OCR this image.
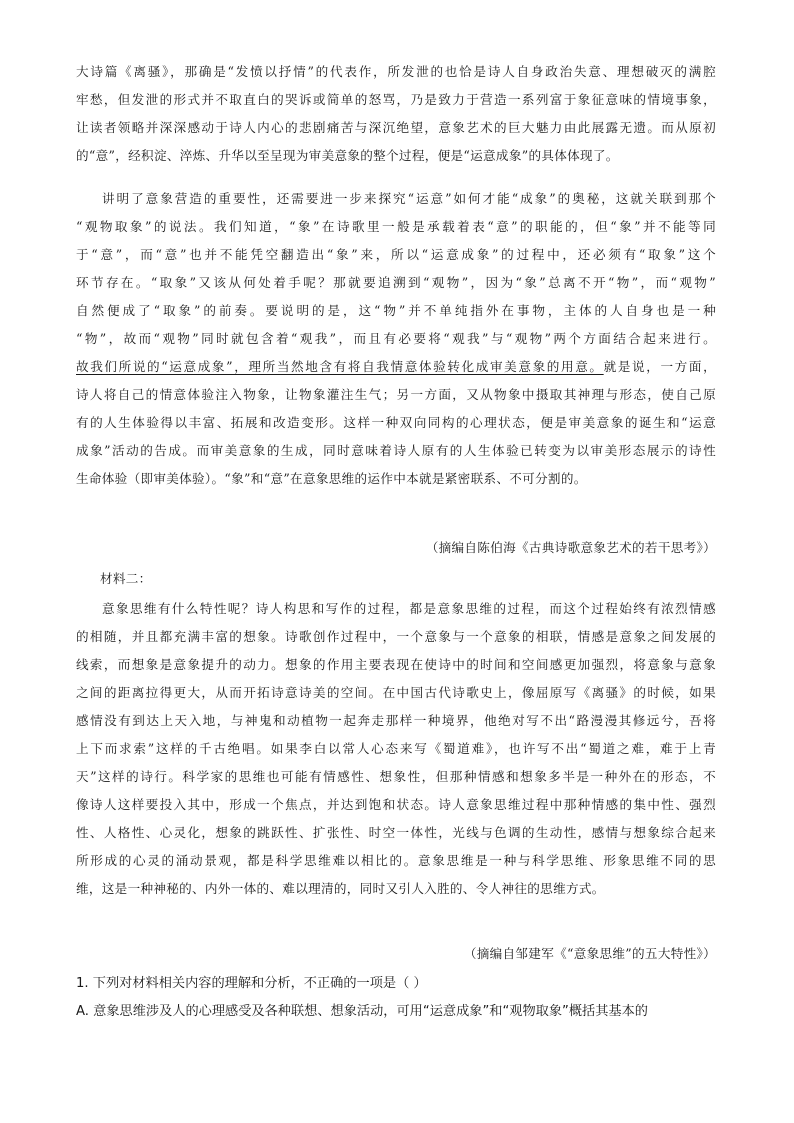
大诗篇《离骚》，那确是“发愤以抒情”的代表作，所发泄的也恰是诗人自身政治失意、理想破灭的满腔
牢愁，但发泄的形式并不取直白的哭诉或简单的怒骂，乃是致力于营造一系列富于象征意味的情境事象，
让读者领略并深深感动于诗人内心的悲剧痛苦与深沉绝望，意象艺术的巨大魅力由此展露无遗。而从原初
的“意”，经积淀、淬炼、升华以至呈现为审美意象的整个过程，便是“运意成象”的具体体现了。
讲明了意象营造的重要性，还需要进一步来探究“运意”如何才能“成象”的奥秘，这就关联到那个
“观物取象”的说法。我们知道，“象”在诗歌里一般是承载着表“意”的职能的，但“象”并不能等同
于“意”，而“意”也并不能凭空翻造出“象”来，所以“运意成象”的过程中，还必须有“取象”这个
环节存在。“取象”又该从何处着手呢？那就要追溯到“观物”，因为“象”总离不开“物”，而“观物”
自然便成了“取象”的前奏。要说明的是，这“物”并不单纯指外在事物，主体的人自身也是一种
“物”，故而“观物”同时就包含着“观我”，而且有必要将“观我”与“观物”两个方面结合起来进行。
故我们所说的“运意成象”，理所当然地含有将自我情意体验转化成审美意象的用意。就是说，一方面，
诗人将自己的情意体验注入物象，让物象灌注生气；另一方面，又从物象中摄取其神理与形态，使自己原
有的人生体验得以丰富、拓展和改造变形。这样一种双向同构的心理状态，便是审美意象的诞生和“运意
成象”活动的告成。而审美意象的生成，同时意味着诗人原有的人生体验已转变为以审美形态展示的诗性
生命体验（即审美体验）。“象”和“意”在意象思维的运作中本就是紧密联系、不可分割的。
（摘编自陈伯海《古典诗歌意象艺术的若干思考》）
材料二：
意象思维有什么特性呢？诗人构思和写作的过程，都是意象思维的过程，而这个过程始终有浓烈情感
的相随，并且都充满丰富的想象。诗歌创作过程中，一个意象与一个意象的相联，情感是意象之间发展的
线索，而想象是意象提升的动力。想象的作用主要表现在使诗中的时间和空间感更加强烈，将意象与意象
之间的距离拉得更大，从而开拓诗意诗美的空间。在中国古代诗歌史上，像屈原写《离骚》的时候，如果
感情没有到达上天入地，与神鬼和动植物一起奔走那样一种境界，他绝对写不出“路漫漫其修远兮，吾将
上下而求索”这样的千古绝唱。如果李白以常人心态来写《蜀道难》，也许写不出“蜀道之难，难于上青
天”这样的诗行。科学家的思维也可能有情感性、想象性，但那种情感和想象多半是一种外在的形态，不
像诗人这样要投入其中，形成一个焦点，并达到饱和状态。诗人意象思维过程中那种情感的集中性、强烈
性、人格性、心灵化，想象的跳跃性、扩张性、时空一体性，光线与色调的生动性，感情与想象综合起来
所形成的心灵的涌动景观，都是科学思维难以相比的。意象思维是一种与科学思维、形象思维不同的思
维，这是一种神秘的、内外一体的、难以理清的，同时又引人入胜的、令人神往的思维方式。
（摘编自邹建军《“意象思维”的五大特性》）
1. 下列对材料相关内容的理解和分析，不正确的一项是（ ）
A. 意象思维涉及人的心理感受及各种联想、想象活动，可用“运意成象”和“观物取象”概括其基本的
